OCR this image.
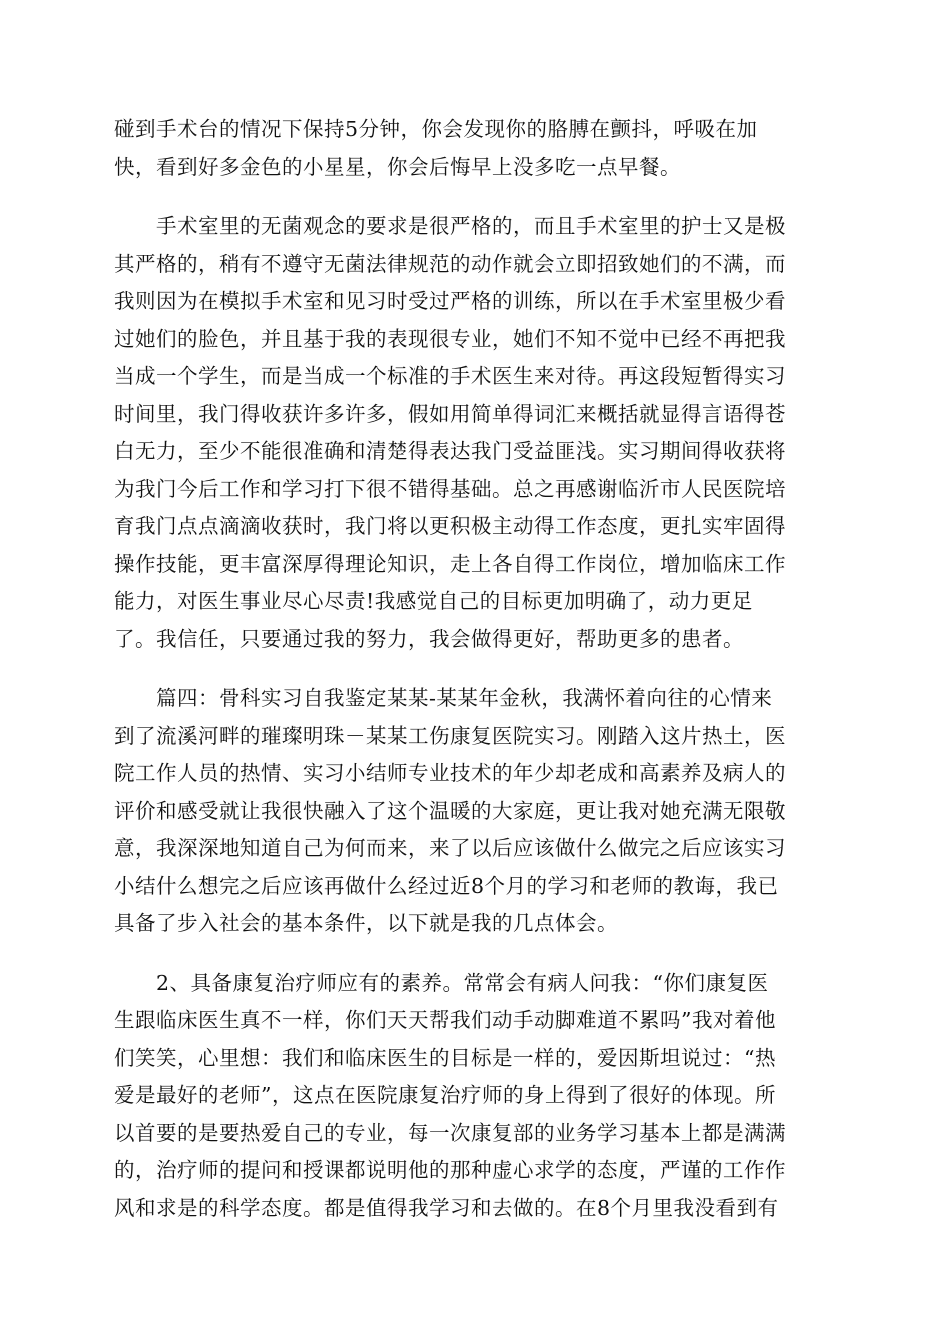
碰到手术台的情况下保持5分钟，你会发现你的胳膊在颤抖，呼吸在加
快，看到好多金色的小星星，你会后悔早上没多吃一点早餐。
　　手术室里的无菌观念的要求是很严格的，而且手术室里的护士又是极
其严格的，稍有不遵守无菌法律规范的动作就会立即招致她们的不满，而
我则因为在模拟手术室和见习时受过严格的训练，所以在手术室里极少看
过她们的脸色，并且基于我的表现很专业，她们不知不觉中已经不再把我
当成一个学生，而是当成一个标准的手术医生来对待。再这段短暂得实习
时间里，我门得收获许多许多，假如用简单得词汇来概括就显得言语得苍
白无力，至少不能很准确和清楚得表达我门受益匪浅。实习期间得收获将
为我门今后工作和学习打下很不错得基础。总之再感谢临沂市人民医院培
育我门点点滴滴收获时，我门将以更积极主动得工作态度，更扎实牢固得
操作技能，更丰富深厚得理论知识，走上各自得工作岗位，增加临床工作
能力，对医生事业尽心尽责!我感觉自己的目标更加明确了，动力更足
了。我信任，只要通过我的努力，我会做得更好，帮助更多的患者。
　　篇四：骨科实习自我鉴定某某-某某年金秋，我满怀着向往的心情来
到了流溪河畔的璀璨明珠－某某工伤康复医院实习。刚踏入这片热土，医
院工作人员的热情、实习小结师专业技术的年少却老成和高素养及病人的
评价和感受就让我很快融入了这个温暖的大家庭，更让我对她充满无限敬
意，我深深地知道自己为何而来，来了以后应该做什么做完之后应该实习
小结什么想完之后应该再做什么经过近8个月的学习和老师的教诲，我已
具备了步入社会的基本条件，以下就是我的几点体会。
　　2、具备康复治疗师应有的素养。常常会有病人问我：“你们康复医
生跟临床医生真不一样，你们天天帮我们动手动脚难道不累吗”我对着他
们笑笑，心里想：我们和临床医生的目标是一样的，爱因斯坦说过：“热
爱是最好的老师”，这点在医院康复治疗师的身上得到了很好的体现。所
以首要的是要热爱自己的专业，每一次康复部的业务学习基本上都是满满
的，治疗师的提问和授课都说明他的那种虚心求学的态度，严谨的工作作
风和求是的科学态度。都是值得我学习和去做的。在8个月里我没看到有
